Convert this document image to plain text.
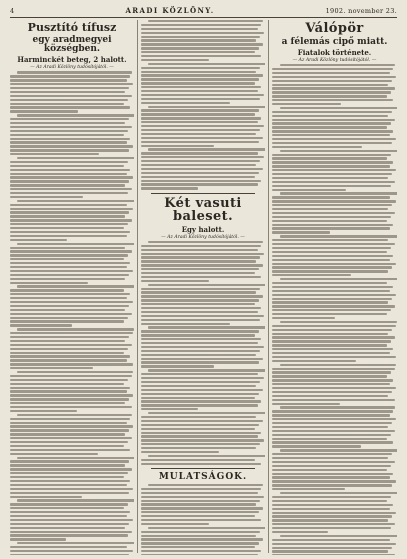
4	ARADI KÖZLÖNY.	1902. november 23.
Pusztító tífusz
egy aradmegyei községben.
Harminckét beteg, 2 halott.
— Az Aradi Közlöny tudósítójától. —
Két vasuti baleset.
Egy halott.
— Az Aradi Közlöny tudósítójától. —
MULATSÁGOK.
Válópör
a félemás cipő miatt.
Fiatalok története.
— Az Aradi Közlöny tudósítójától. —
